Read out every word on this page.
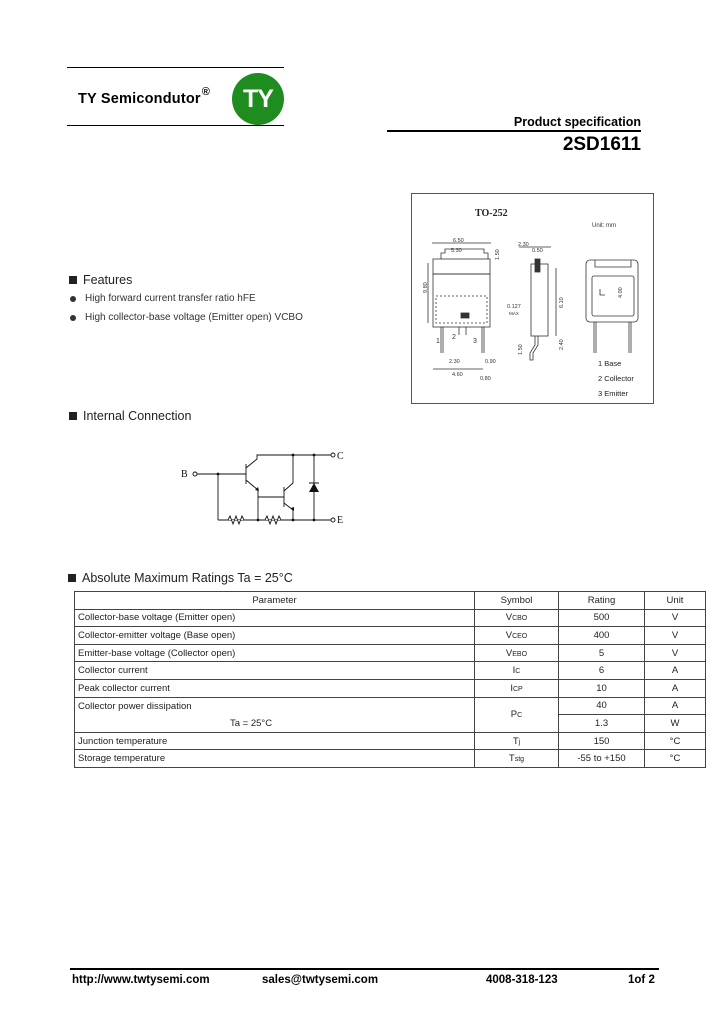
TY Semicondutor® TY
Product specification
2SD1611
Features
High forward current transfer ratio hFE
High collector-base voltage (Emitter open) VCBO
TO-252
Unit: mm
6.50
5.30
9.80
1
2
3
2.30
4.60
0.90
0.80
2.30
0.50
1.50
0.127
MAX
6.10
2.40
1.50
4.00
1 Base
2 Collector
3 Emitter
Internal Connection
B
C
E
Absolute Maximum Ratings Ta = 25°C
Parameter	Symbol	Rating	Unit
Collector-base voltage (Emitter open)	VCBO	500	V
Collector-emitter voltage (Base open)	VCEO	400	V
Emitter-base voltage (Collector open)	VEBO	5	V
Collector current	IC	6	A
Peak collector current	ICP	10	A
Collector power dissipation	PC	40	A
Ta = 25°C		1.3	W
Junction temperature	Tj	150	°C
Storage temperature	Tstg	-55 to +150	°C
http://www.twtysemi.com	sales@twtysemi.com	4008-318-123	1of 2
